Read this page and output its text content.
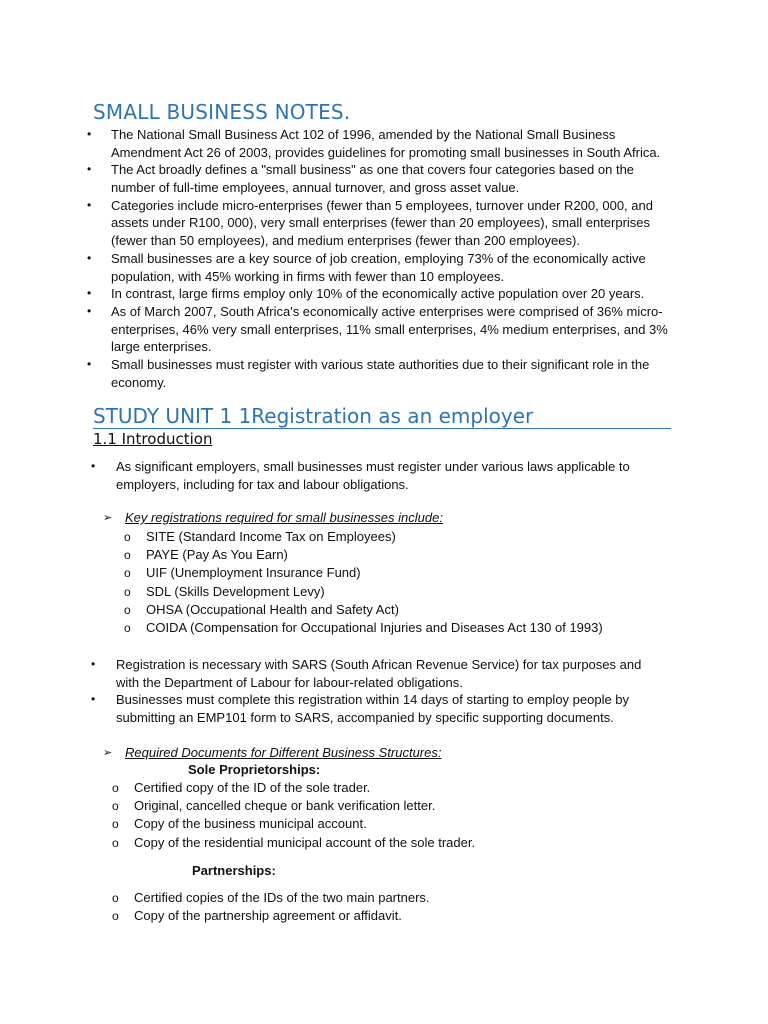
SMALL BUSINESS NOTES.
• The National Small Business Act 102 of 1996, amended by the National Small Business Amendment Act 26 of 2003, provides guidelines for promoting small businesses in South Africa.
• The Act broadly defines a "small business" as one that covers four categories based on the number of full-time employees, annual turnover, and gross asset value.
• Categories include micro-enterprises (fewer than 5 employees, turnover under R200, 000, and assets under R100, 000), very small enterprises (fewer than 20 employees), small enterprises (fewer than 50 employees), and medium enterprises (fewer than 200 employees).
• Small businesses are a key source of job creation, employing 73% of the economically active population, with 45% working in firms with fewer than 10 employees.
• In contrast, large firms employ only 10% of the economically active population over 20 years.
• As of March 2007, South Africa's economically active enterprises were comprised of 36% micro-enterprises, 46% very small enterprises, 11% small enterprises, 4% medium enterprises, and 3% large enterprises.
• Small businesses must register with various state authorities due to their significant role in the economy.
STUDY UNIT 1 1Registration as an employer
1.1 Introduction
• As significant employers, small businesses must register under various laws applicable to employers, including for tax and labour obligations.
➢ Key registrations required for small businesses include:
o SITE (Standard Income Tax on Employees)
o PAYE (Pay As You Earn)
o UIF (Unemployment Insurance Fund)
o SDL (Skills Development Levy)
o OHSA (Occupational Health and Safety Act)
o COIDA (Compensation for Occupational Injuries and Diseases Act 130 of 1993)
• Registration is necessary with SARS (South African Revenue Service) for tax purposes and with the Department of Labour for labour-related obligations.
• Businesses must complete this registration within 14 days of starting to employ people by submitting an EMP101 form to SARS, accompanied by specific supporting documents.
➢ Required Documents for Different Business Structures:
Sole Proprietorships:
o Certified copy of the ID of the sole trader.
o Original, cancelled cheque or bank verification letter.
o Copy of the business municipal account.
o Copy of the residential municipal account of the sole trader.
Partnerships:
o Certified copies of the IDs of the two main partners.
o Copy of the partnership agreement or affidavit.
